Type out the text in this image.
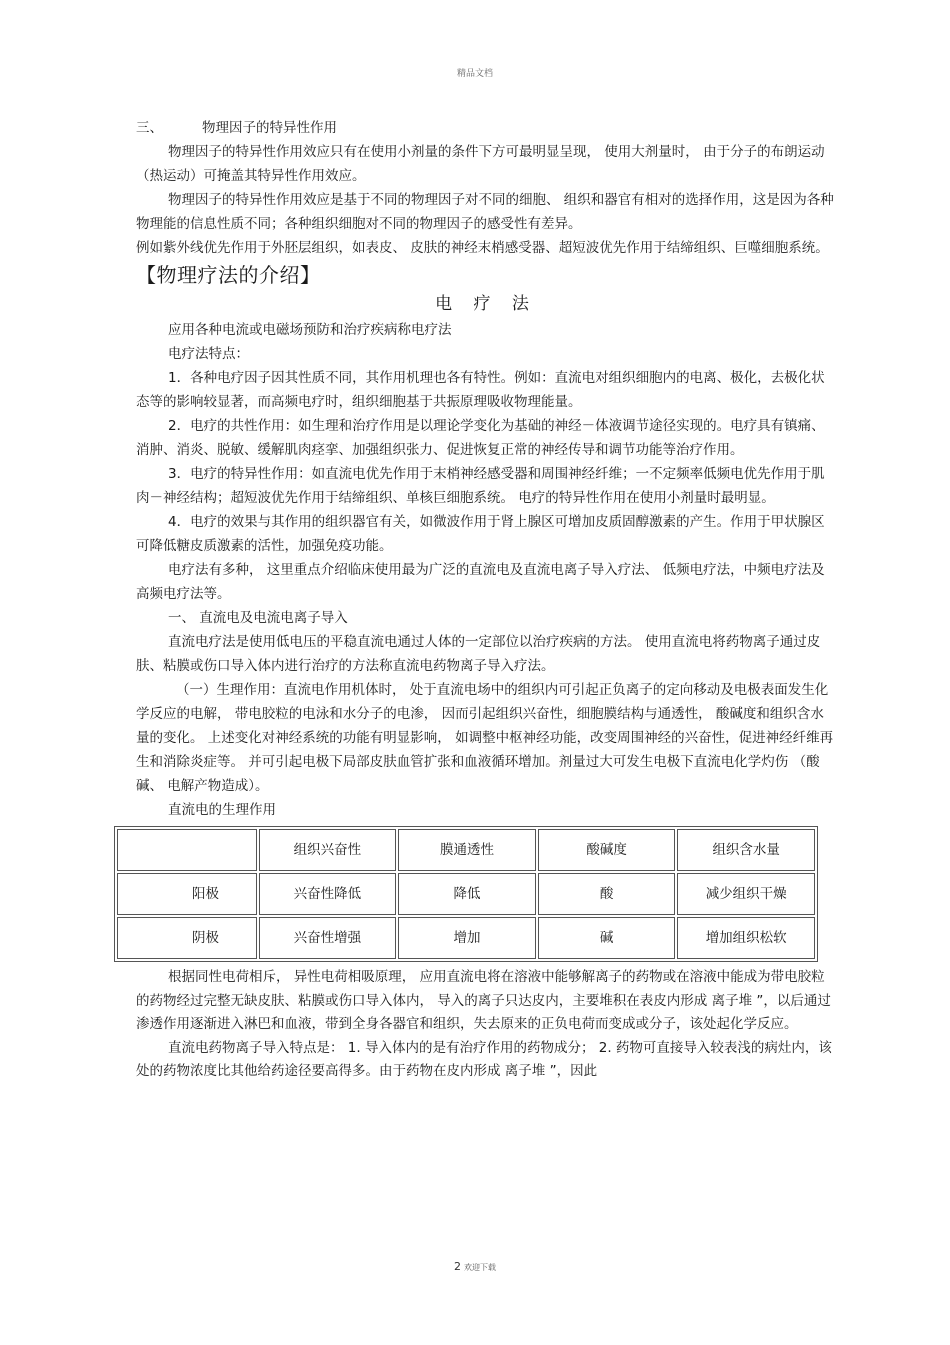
精品文档

三、	物理因子的特异性作用

物理因子的特异性作用效应只有在使用小剂量的条件下方可最明显呈现， 使用大剂量时， 由于分子的布朗运动（热运动）可掩盖其特异性作用效应。

物理因子的特异性作用效应是基于不同的物理因子对不同的细胞、 组织和器官有相对的选择作用，这是因为各种物理能的信息性质不同；各种组织细胞对不同的物理因子的感受性有差异。

例如紫外线优先作用于外胚层组织，如表皮、 皮肤的神经末梢感受器、超短波优先作用于结缔组织、巨噬细胞系统。

【物理疗法的介绍】

电 疗 法

应用各种电流或电磁场预防和治疗疾病称电疗法

电疗法特点：

1．各种电疗因子因其性质不同，其作用机理也各有特性。例如：直流电对组织细胞内的电离、极化，去极化状态等的影响较显著，而高频电疗时，组织细胞基于共振原理吸收物理能量。

2．电疗的共性作用：如生理和治疗作用是以理论学变化为基础的神经－体液调节途径实现的。电疗具有镇痛、消肿、消炎、脱敏、缓解肌肉痉挛、加强组织张力、促进恢复正常的神经传导和调节功能等治疗作用。

3．电疗的特异性作用：如直流电优先作用于末梢神经感受器和周围神经纤维；一不定频率低频电优先作用于肌肉－神经结构；超短波优先作用于结缔组织、单核巨细胞系统。 电疗的特异性作用在使用小剂量时最明显。

4．电疗的效果与其作用的组织器官有关，如微波作用于肾上腺区可增加皮质固醇激素的产生。作用于甲状腺区可降低糖皮质激素的活性，加强免疫功能。

电疗法有多种， 这里重点介绍临床使用最为广泛的直流电及直流电离子导入疗法、 低频电疗法，中频电疗法及高频电疗法等。

一、 直流电及电流电离子导入

直流电疗法是使用低电压的平稳直流电通过人体的一定部位以治疗疾病的方法。 使用直流电将药物离子通过皮肤、粘膜或伤口导入体内进行治疗的方法称直流电药物离子导入疗法。

（一）生理作用：直流电作用机体时， 处于直流电场中的组织内可引起正负离子的定向移动及电极表面发生化学反应的电解， 带电胶粒的电泳和水分子的电渗， 因而引起组织兴奋性，细胞膜结构与通透性， 酸碱度和组织含水量的变化。 上述变化对神经系统的功能有明显影响， 如调整中枢神经功能，改变周围神经的兴奋性，促进神经纤维再生和消除炎症等。 并可引起电极下局部皮肤血管扩张和血液循环增加。剂量过大可发生电极下直流电化学灼伤 （酸碱、 电解产物造成）。

直流电的生理作用

	组织兴奋性	膜通透性	酸碱度	组织含水量
阳极	兴奋性降低	降低	酸	减少组织干燥
阴极	兴奋性增强	增加	碱	增加组织松软

根据同性电荷相斥， 异性电荷相吸原理， 应用直流电将在溶液中能够解离子的药物或在溶液中能成为带电胶粒的药物经过完整无缺皮肤、粘膜或伤口导入体内， 导入的离子只达皮内，主要堆积在表皮内形成 离子堆 ”，以后通过渗透作用逐渐进入淋巴和血液，带到全身各器官和组织，失去原来的正负电荷而变成或分子，该处起化学反应。

直流电药物离子导入特点是： 1. 导入体内的是有治疗作用的药物成分； 2. 药物可直接导入较表浅的病灶内，该处的药物浓度比其他给药途径要高得多。由于药物在皮内形成 离子堆 ”，因此

2 欢迎下载
